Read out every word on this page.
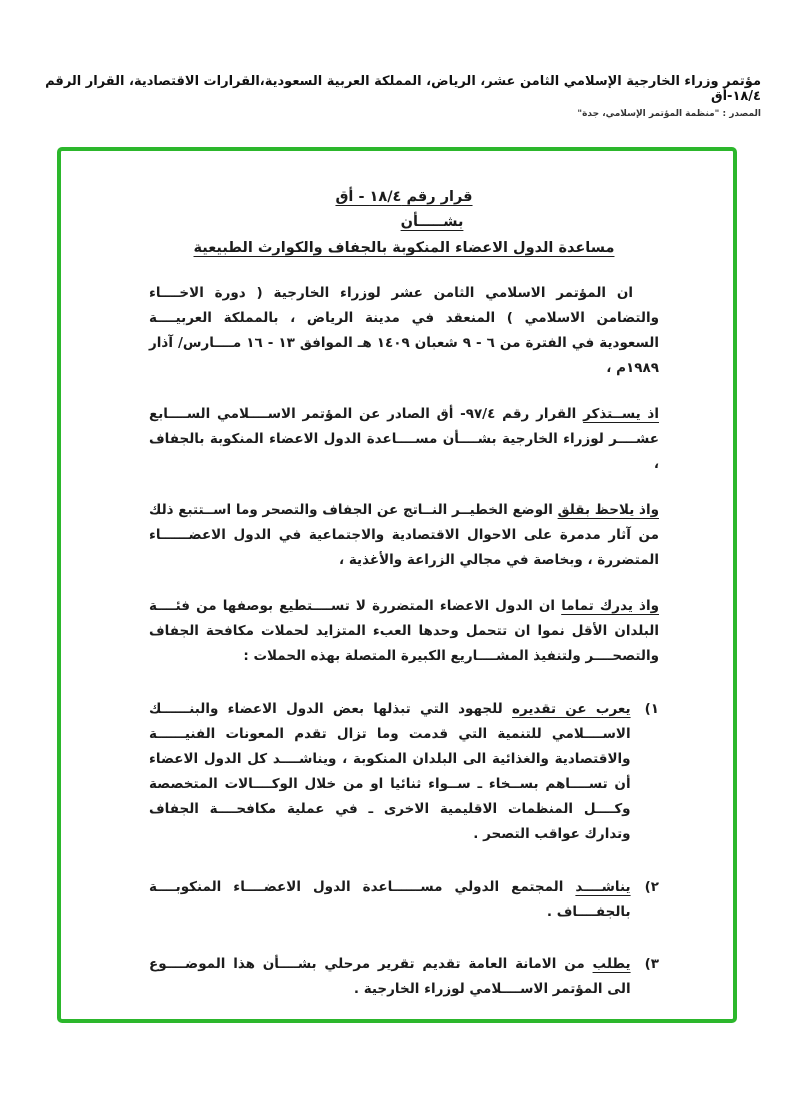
مؤتمر وزراء الخارجية الإسلامي الثامن عشر، الرياض، المملكة العربية السعودية،القرارات الاقتصادية، القرار الرقم ١٨/٤-أق
المصدر : "منظمة المؤتمر الإسلامي، جدة"
قرار رقم ١٨/٤ - أق
بشـــــأن
مساعدة الدول الاعضاء المنكوبة بالجفاف والكوارث الطبيعية

ان المؤتمر الاسلامي الثامن عشر لوزراء الخارجية ( دورة الاخــــاء والتضامن الاسلامي ) المنعقد في مدينة الرياض ، بالمملكة العربيــــة السعودية في الفترة من ٦ - ٩ شعبان ١٤٠٩ هـ الموافق ١٣ - ١٦ مــــارس/ آذار ١٩٨٩م ،

اذ يســتذكر القرار رقم ٩٧/٤- أق الصادر عن المؤتمر الاســــلامي الســــابع عشــــر لوزراء الخارجية بشــــأن مســــاعدة الدول الاعضاء المنكوبة بالجفاف ،

واذ يلاحظ بقلق الوضع الخطيــر النــاتج عن الجفاف والتصحر وما اســتتبع ذلك من آثار مدمرة على الاحوال الاقتصادية والاجتماعية في الدول الاعضــــــاء المتضررة ، وبخاصة في مجالي الزراعة والأغذية ،

واذ يدرك تماما ان الدول الاعضاء المتضررة لا تســــتطيع بوصفها من فئــــة البلدان الأقل نموا ان تتحمل وحدها العبء المتزايد لحملات مكافحة الجفاف والتصحــــر ولتنفيذ المشــــاريع الكبيرة المتصلة بهذه الحملات :

١)

يعرب عن تقديره للجهود التي تبذلها بعض الدول الاعضاء والبنــــــك الاســــلامي للتنمية التي قدمت وما تزال تقدم المعونات الفنيــــــة والاقتصادية والغذائية الى البلدان المنكوبة ، ويناشــــد كل الدول الاعضاء أن تســــاهم بســخاء ـ ســواء ثنائيا او من خلال الوكــــالات المتخصصة وكــــل المنظمات الاقليمية الاخرى ـ في عملية مكافحــــة الجفاف وتدارك عواقب التصحر .

٢)

يناشــــد المجتمع الدولي مســــــاعدة الدول الاعضــــاء المنكوبــــة بالجفــــاف .

٣)

يطلب من الامانة العامة تقديم تقرير مرحلي بشــــأن هذا الموضــــوع الى المؤتمر الاســــلامي لوزراء الخارجية .
